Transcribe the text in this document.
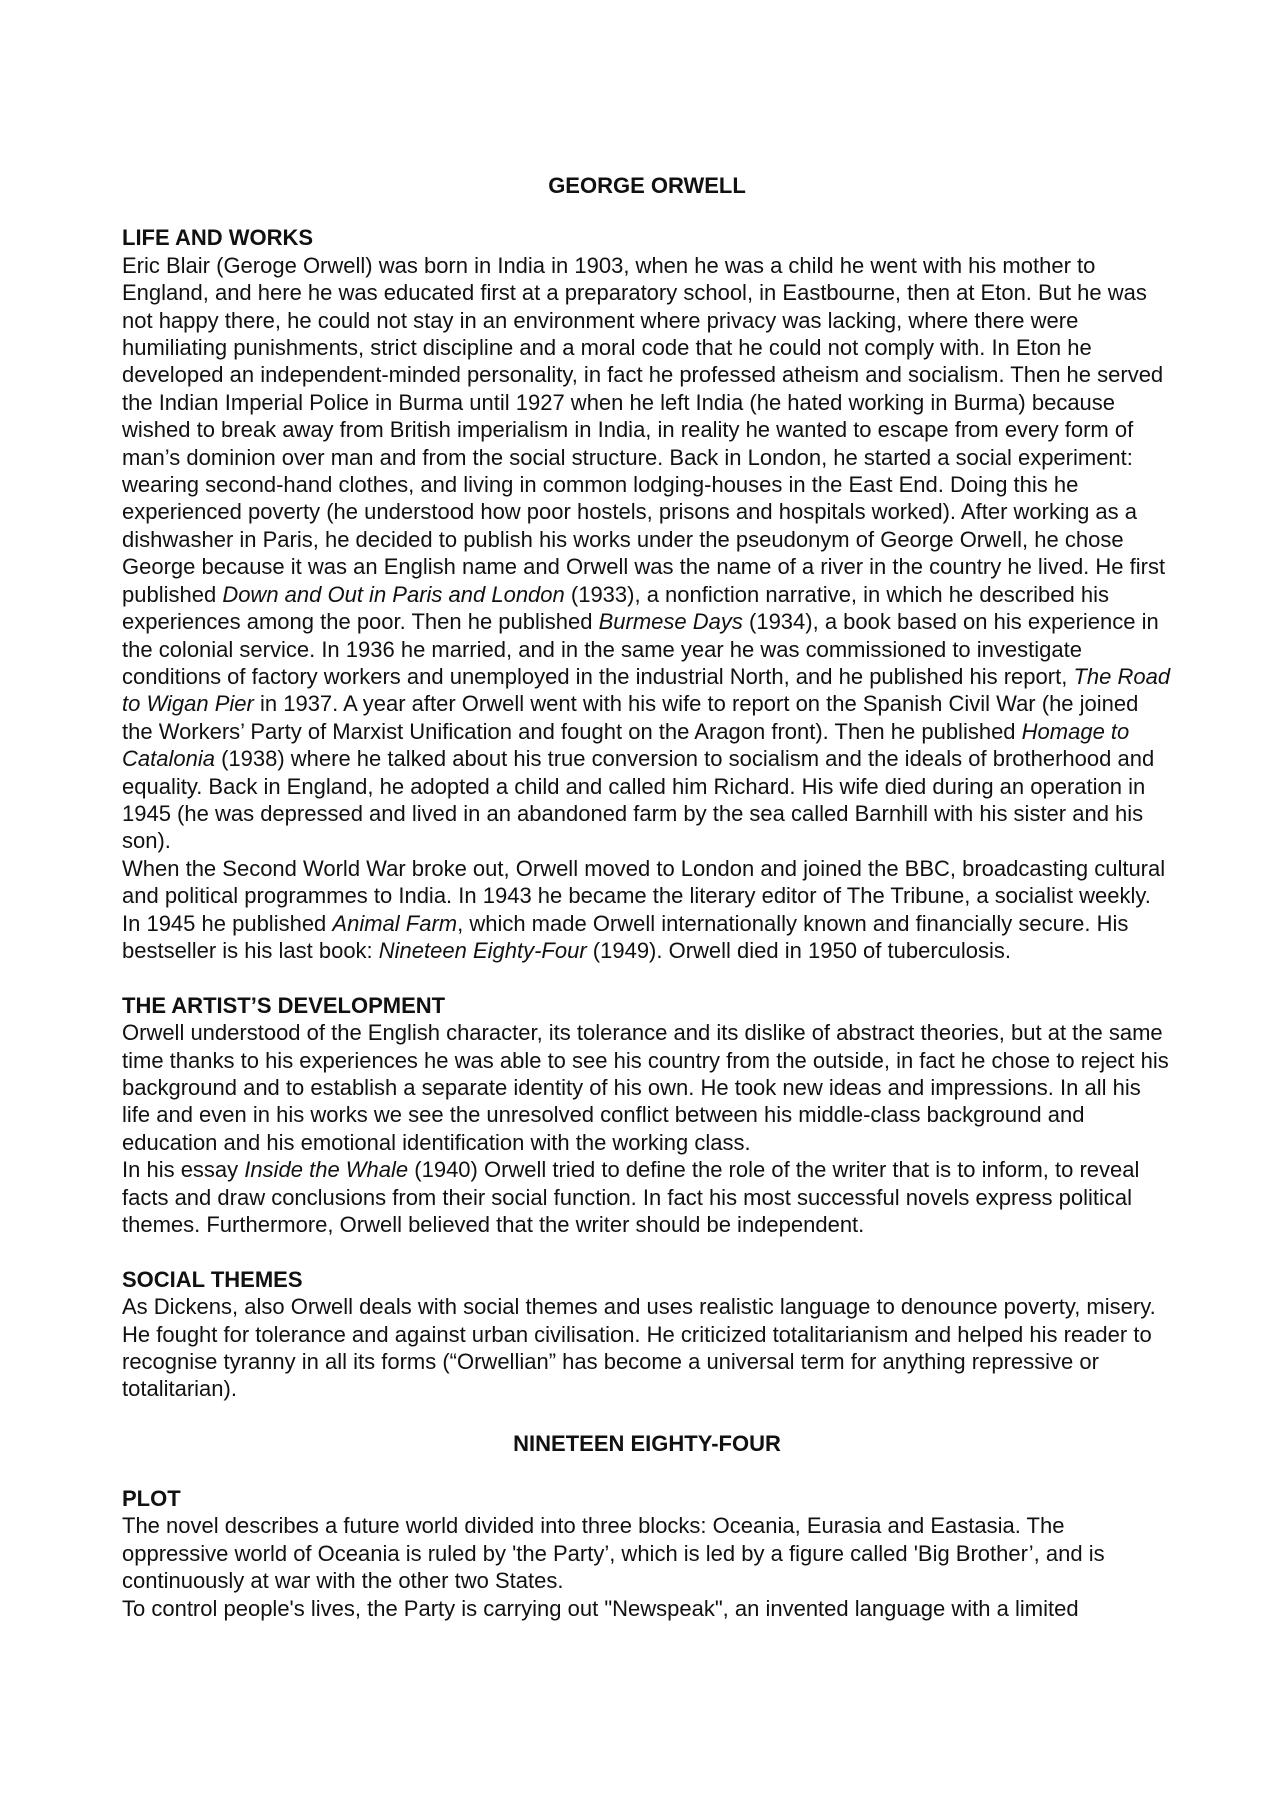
GEORGE ORWELL

LIFE AND WORKS

Eric Blair (Geroge Orwell) was born in India in 1903, when he was a child he went with his mother to England, and here he was educated first at a preparatory school, in Eastbourne, then at Eton. But he was not happy there, he could not stay in an environment where privacy was lacking, where there were humiliating punishments, strict discipline and a moral code that he could not comply with. In Eton he developed an independent-minded personality, in fact he professed atheism and socialism. Then he served the Indian Imperial Police in Burma until 1927 when he left India (he hated working in Burma) because wished to break away from British imperialism in India, in reality he wanted to escape from every form of man’s dominion over man and from the social structure. Back in London, he started a social experiment: wearing second-hand clothes, and living in common lodging-houses in the East End. Doing this he experienced poverty (he understood how poor hostels, prisons and hospitals worked). After working as a dishwasher in Paris, he decided to publish his works under the pseudonym of George Orwell, he chose George because it was an English name and Orwell was the name of a river in the country he lived. He first published Down and Out in Paris and London (1933), a nonfiction narrative, in which he described his experiences among the poor. Then he published Burmese Days (1934), a book based on his experience in the colonial service. In 1936 he married, and in the same year he was commissioned to investigate conditions of factory workers and unemployed in the industrial North, and he published his report, The Road to Wigan Pier in 1937. A year after Orwell went with his wife to report on the Spanish Civil War (he joined the Workers’ Party of Marxist Unification and fought on the Aragon front). Then he published Homage to Catalonia (1938) where he talked about his true conversion to socialism and the ideals of brotherhood and equality. Back in England, he adopted a child and called him Richard. His wife died during an operation in 1945 (he was depressed and lived in an abandoned farm by the sea called Barnhill with his sister and his son).

When the Second World War broke out, Orwell moved to London and joined the BBC, broadcasting cultural and political programmes to India. In 1943 he became the literary editor of The Tribune, a socialist weekly. In 1945 he published Animal Farm, which made Orwell internationally known and financially secure. His bestseller is his last book: Nineteen Eighty-Four (1949). Orwell died in 1950 of tuberculosis.

THE ARTIST’S DEVELOPMENT

Orwell understood of the English character, its tolerance and its dislike of abstract theories, but at the same time thanks to his experiences he was able to see his country from the outside, in fact he chose to reject his background and to establish a separate identity of his own. He took new ideas and impressions. In all his life and even in his works we see the unresolved conflict between his middle-class background and education and his emotional identification with the working class.

In his essay Inside the Whale (1940) Orwell tried to define the role of the writer that is to inform, to reveal facts and draw conclusions from their social function. In fact his most successful novels express political themes. Furthermore, Orwell believed that the writer should be independent.

SOCIAL THEMES

As Dickens, also Orwell deals with social themes and uses realistic language to denounce poverty, misery. He fought for tolerance and against urban civilisation. He criticized totalitarianism and helped his reader to recognise tyranny in all its forms (“Orwellian” has become a universal term for anything repressive or totalitarian).

NINETEEN EIGHTY-FOUR

PLOT

The novel describes a future world divided into three blocks: Oceania, Eurasia and Eastasia. The oppressive world of Oceania is ruled by 'the Party’, which is led by a figure called 'Big Brother’, and is continuously at war with the other two States.

To control people's lives, the Party is carrying out "Newspeak", an invented language with a limited
